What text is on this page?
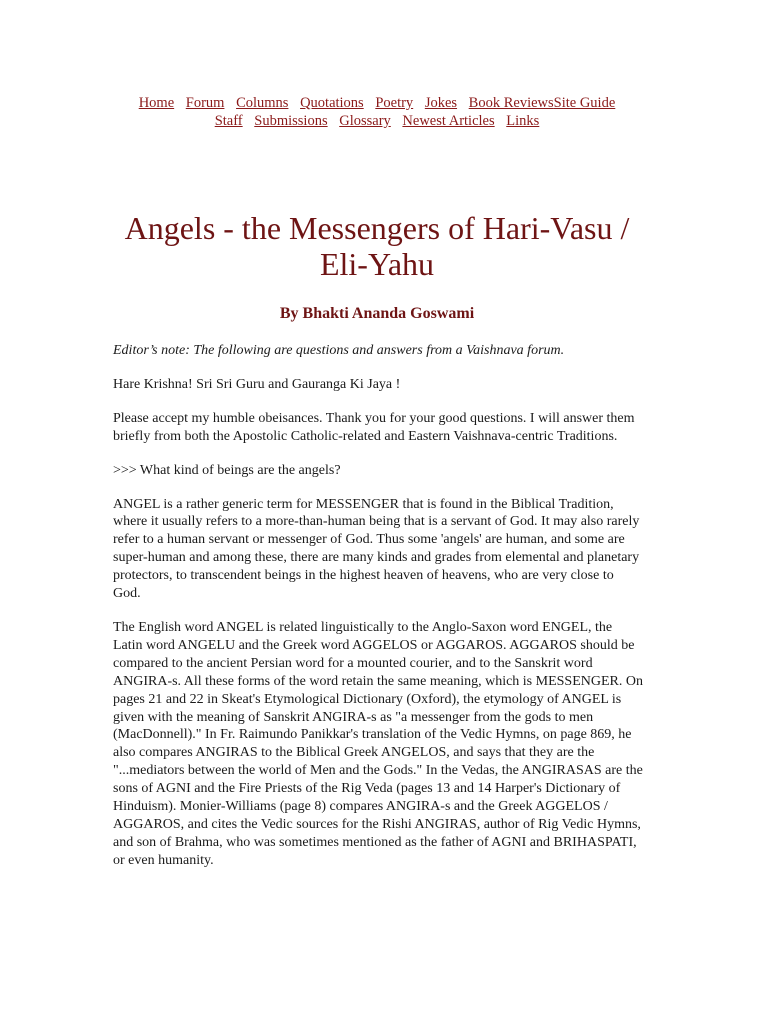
Home Forum Columns Quotations Poetry Jokes Book ReviewsSite Guide
Staff Submissions Glossary Newest Articles Links
Angels - the Messengers of Hari-Vasu / Eli-Yahu
By Bhakti Ananda Goswami

Editor’s note: The following are questions and answers from a Vaishnava forum.

Hare Krishna! Sri Sri Guru and Gauranga Ki Jaya !

Please accept my humble obeisances. Thank you for your good questions. I will answer them briefly from both the Apostolic Catholic-related and Eastern Vaishnava-centric Traditions.

>>> What kind of beings are the angels?

ANGEL is a rather generic term for MESSENGER that is found in the Biblical Tradition, where it usually refers to a more-than-human being that is a servant of God. It may also rarely refer to a human servant or messenger of God. Thus some 'angels' are human, and some are super-human and among these, there are many kinds and grades from elemental and planetary protectors, to transcendent beings in the highest heaven of heavens, who are very close to God.

The English word ANGEL is related linguistically to the Anglo-Saxon word ENGEL, the Latin word ANGELU and the Greek word AGGELOS or AGGAROS. AGGAROS should be compared to the ancient Persian word for a mounted courier, and to the Sanskrit word ANGIRA-s. All these forms of the word retain the same meaning, which is MESSENGER. On pages 21 and 22 in Skeat's Etymological Dictionary (Oxford), the etymology of ANGEL is given with the meaning of Sanskrit ANGIRA-s as "a messenger from the gods to men (MacDonnell)." In Fr. Raimundo Panikkar's translation of the Vedic Hymns, on page 869, he also compares ANGIRAS to the Biblical Greek ANGELOS, and says that they are the "...mediators between the world of Men and the Gods." In the Vedas, the ANGIRASAS are the sons of AGNI and the Fire Priests of the Rig Veda (pages 13 and 14 Harper's Dictionary of Hinduism). Monier-Williams (page 8) compares ANGIRA-s and the Greek AGGELOS / AGGAROS, and cites the Vedic sources for the Rishi ANGIRAS, author of Rig Vedic Hymns, and son of Brahma, who was sometimes mentioned as the father of AGNI and BRIHASPATI, or even humanity.
